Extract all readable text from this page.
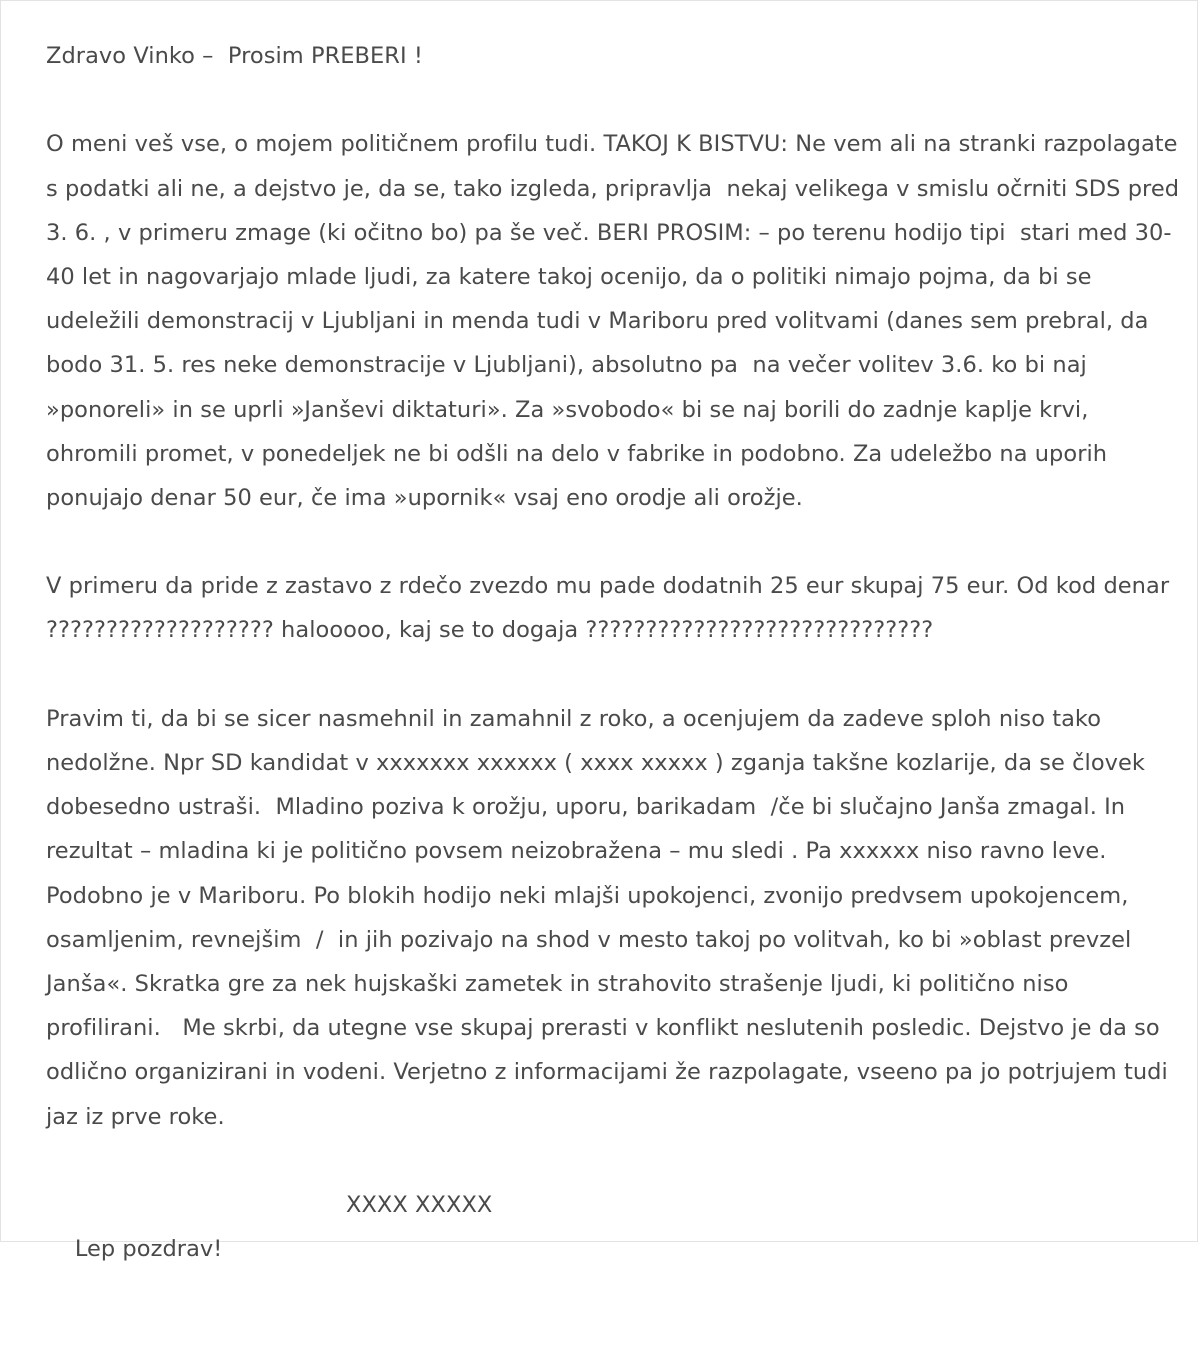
Zdravo Vinko –  Prosim PREBERI !
O meni veš vse, o mojem političnem profilu tudi. TAKOJ K BISTVU: Ne vem ali na stranki razpolagate
s podatki ali ne, a dejstvo je, da se, tako izgleda, pripravlja  nekaj velikega v smislu očrniti SDS pred
3. 6. , v primeru zmage (ki očitno bo) pa še več. BERI PROSIM: – po terenu hodijo tipi  stari med 30-
40 let in nagovarjajo mlade ljudi, za katere takoj ocenijo, da o politiki nimajo pojma, da bi se
udeležili demonstracij v Ljubljani in menda tudi v Mariboru pred volitvami (danes sem prebral, da
bodo 31. 5. res neke demonstracije v Ljubljani), absolutno pa  na večer volitev 3.6. ko bi naj
»ponoreli» in se uprli »Janševi diktaturi». Za »svobodo« bi se naj borili do zadnje kaplje krvi,
ohromili promet, v ponedeljek ne bi odšli na delo v fabrike in podobno. Za udeležbo na uporih
ponujajo denar 50 eur, če ima »upornik« vsaj eno orodje ali orožje.
V primeru da pride z zastavo z rdečo zvezdo mu pade dodatnih 25 eur skupaj 75 eur. Od kod denar
??????????????????? halooooo, kaj se to dogaja ?????????????????????????????
Pravim ti, da bi se sicer nasmehnil in zamahnil z roko, a ocenjujem da zadeve sploh niso tako
nedolžne. Npr SD kandidat v xxxxxxx xxxxxx ( xxxx xxxxx ) zganja takšne kozlarije, da se človek
dobesedno ustraši.  Mladino poziva k orožju, uporu, barikadam  /če bi slučajno Janša zmagal. In
rezultat – mladina ki je politično povsem neizobražena – mu sledi . Pa xxxxxx niso ravno leve.
Podobno je v Mariboru. Po blokih hodijo neki mlajši upokojenci, zvonijo predvsem upokojencem,
osamljenim, revnejšim  /  in jih pozivajo na shod v mesto takoj po volitvah, ko bi »oblast prevzel
Janša«. Skratka gre za nek hujskaški zametek in strahovito strašenje ljudi, ki politično niso
profilirani.   Me skrbi, da utegne vse skupaj prerasti v konflikt neslutenih posledic. Dejstvo je da so
odlično organizirani in vodeni. Verjetno z informacijami že razpolagate, vseeno pa jo potrjujem tudi
jaz iz prve roke.

Lep pozdrav!

XXXX XXXXX
